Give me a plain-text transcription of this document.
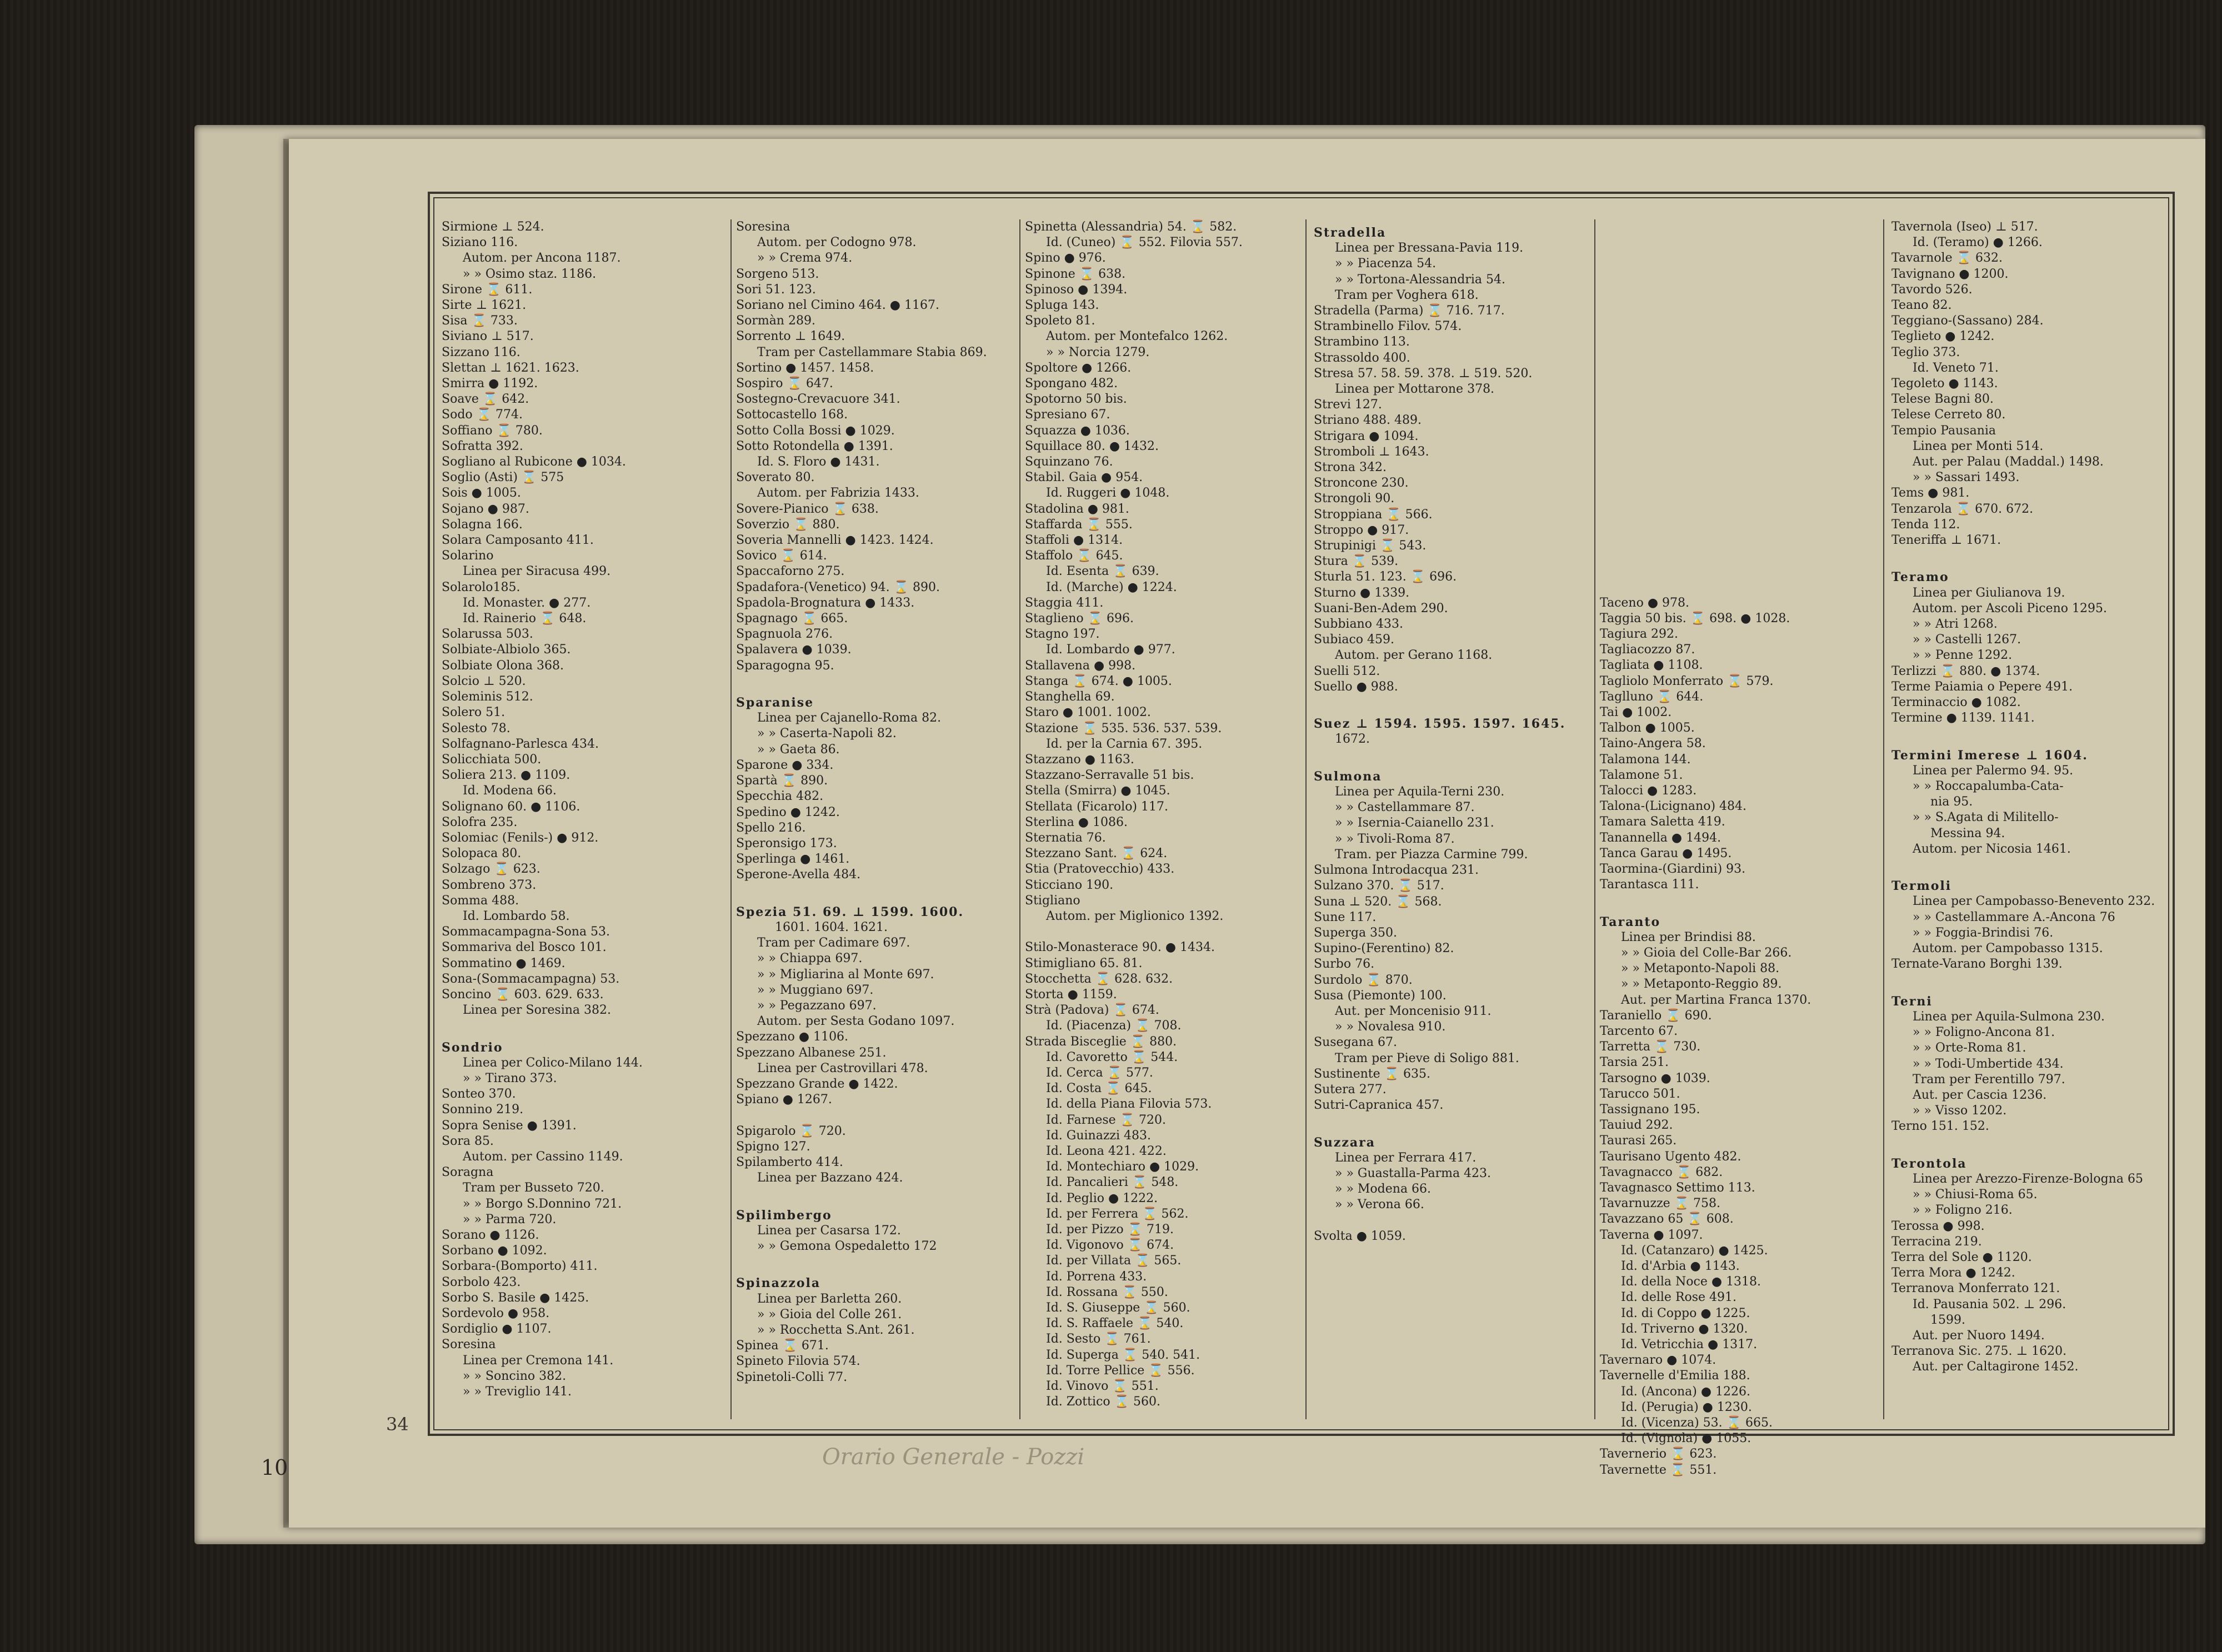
Sirmione ⊥ 524.
Siziano 116.
Autom. per Ancona 1187.
» » Osimo staz. 1186.
Sirone ⌛ 611.
Sirte ⊥ 1621.
Sisa ⌛ 733.
Siviano ⊥ 517.
Sizzano 116.
Slettan ⊥ 1621. 1623.
Smirra ● 1192.
Soave ⌛ 642.
Sodo ⌛ 774.
Soffiano ⌛ 780.
Sofratta 392.
Sogliano al Rubicone ● 1034.
Soglio (Asti) ⌛ 575
Sois ● 1005.
Sojano ● 987.
Solagna 166.
Solara Camposanto 411.
Solarino
Linea per Siracusa 499.
Solarolo185.
Id. Monaster. ● 277.
Id. Rainerio ⌛ 648.
Solarussa 503.
Solbiate-Albiolo 365.
Solbiate Olona 368.
Solcio ⊥ 520.
Soleminis 512.
Solero 51.
Solesto 78.
Solfagnano-Parlesca 434.
Solicchiata 500.
Soliera 213. ● 1109.
Id. Modena 66.
Solignano 60. ● 1106.
Solofra 235.
Solomiac (Fenils-) ● 912.
Solopaca 80.
Solzago ⌛ 623.
Sombreno 373.
Somma 488.
Id. Lombardo 58.
Sommacampagna-Sona 53.
Sommariva del Bosco 101.
Sommatino ● 1469.
Sona-(Sommacampagna) 53.
Soncino ⌛ 603. 629. 633.
Linea per Soresina 382.
Sondrio
Linea per Colico-Milano 144.
» » Tirano 373.
Sonteo 370.
Sonnino 219.
Sopra Senise ● 1391.
Sora 85.
Autom. per Cassino 1149.
Soragna
Tram per Busseto 720.
» » Borgo S.Donnino 721.
» » Parma 720.
Sorano ● 1126.
Sorbano ● 1092.
Sorbara-(Bomporto) 411.
Sorbolo 423.
Sorbo S. Basile ● 1425.
Sordevolo ● 958.
Sordiglio ● 1107.
Soresina
Linea per Cremona 141.
» » Soncino 382.
» » Treviglio 141.
Soresina
Autom. per Codogno 978.
» » Crema 974.
Sorgeno 513.
Sori 51. 123.
Soriano nel Cimino 464. ● 1167.
Sormàn 289.
Sorrento ⊥ 1649.
Tram per Castellammare Stabia 869.
Sortino ● 1457. 1458.
Sospiro ⌛ 647.
Sostegno-Crevacuore 341.
Sottocastello 168.
Sotto Colla Bossi ● 1029.
Sotto Rotondella ● 1391.
Id. S. Floro ● 1431.
Soverato 80.
Autom. per Fabrizia 1433.
Sovere-Pianico ⌛ 638.
Soverzio ⌛ 880.
Soveria Mannelli ● 1423. 1424.
Sovico ⌛ 614.
Spaccaforno 275.
Spadafora-(Venetico) 94. ⌛ 890.
Spadola-Brognatura ● 1433.
Spagnago ⌛ 665.
Spagnuola 276.
Spalavera ● 1039.
Sparagogna 95.
Sparanise
Linea per Cajanello-Roma 82.
» » Caserta-Napoli 82.
» » Gaeta 86.
Sparone ● 334.
Spartà ⌛ 890.
Specchia 482.
Spedino ● 1242.
Spello 216.
Speronsigo 173.
Sperlinga ● 1461.
Sperone-Avella 484.
Spezia 51. 69. ⊥ 1599. 1600.
1601. 1604. 1621.
Tram per Cadimare 697.
» » Chiappa 697.
» » Migliarina al Monte 697.
» » Muggiano 697.
» » Pegazzano 697.
Autom. per Sesta Godano 1097.
Spezzano ● 1106.
Spezzano Albanese 251.
Linea per Castrovillari 478.
Spezzano Grande ● 1422.
Spiano ● 1267.
Spigarolo ⌛ 720.
Spigno 127.
Spilamberto 414.
Linea per Bazzano 424.
Spilimbergo
Linea per Casarsa 172.
» » Gemona Ospedaletto 172
Spinazzola
Linea per Barletta 260.
» » Gioia del Colle 261.
» » Rocchetta S.Ant. 261.
Spinea ⌛ 671.
Spineto Filovia 574.
Spinetoli-Colli 77.
Spinetta (Alessandria) 54. ⌛ 582.
Id. (Cuneo) ⌛ 552. Filovia 557.
Spino ● 976.
Spinone ⌛ 638.
Spinoso ● 1394.
Spluga 143.
Spoleto 81.
Autom. per Montefalco 1262.
» » Norcia 1279.
Spoltore ● 1266.
Spongano 482.
Spotorno 50 bis.
Spresiano 67.
Squazza ● 1036.
Squillace 80. ● 1432.
Squinzano 76.
Stabil. Gaia ● 954.
Id. Ruggeri ● 1048.
Stadolina ● 981.
Staffarda ⌛ 555.
Staffoli ● 1314.
Staffolo ⌛ 645.
Id. Esenta ⌛ 639.
Id. (Marche) ● 1224.
Staggia 411.
Staglieno ⌛ 696.
Stagno 197.
Id. Lombardo ● 977.
Stallavena ● 998.
Stanga ⌛ 674. ● 1005.
Stanghella 69.
Staro ● 1001. 1002.
Stazione ⌛ 535. 536. 537. 539.
Id. per la Carnia 67. 395.
Stazzano ● 1163.
Stazzano-Serravalle 51 bis.
Stella (Smirra) ● 1045.
Stellata (Ficarolo) 117.
Sterlina ● 1086.
Sternatia 76.
Stezzano Sant. ⌛ 624.
Stia (Pratovecchio) 433.
Sticciano 190.
Stigliano
Autom. per Miglionico 1392.
Stilo-Monasterace 90. ● 1434.
Stimigliano 65. 81.
Stocchetta ⌛ 628. 632.
Storta ● 1159.
Strà (Padova) ⌛ 674.
Id. (Piacenza) ⌛ 708.
Strada Bisceglie ⌛ 880.
Id. Cavoretto ⌛ 544.
Id. Cerca ⌛ 577.
Id. Costa ⌛ 645.
Id. della Piana Filovia 573.
Id. Farnese ⌛ 720.
Id. Guinazzi 483.
Id. Leona 421. 422.
Id. Montechiaro ● 1029.
Id. Pancalieri ⌛ 548.
Id. Peglio ● 1222.
Id. per Ferrera ⌛ 562.
Id. per Pizzo ⌛ 719.
Id. Vigonovo ⌛ 674.
Id. per Villata ⌛ 565.
Id. Porrena 433.
Id. Rossana ⌛ 550.
Id. S. Giuseppe ⌛ 560.
Id. S. Raffaele ⌛ 540.
Id. Sesto ⌛ 761.
Id. Superga ⌛ 540. 541.
Id. Torre Pellice ⌛ 556.
Id. Vinovo ⌛ 551.
Id. Zottico ⌛ 560.
Stradella
Linea per Bressana-Pavia 119.
» » Piacenza 54.
» » Tortona-Alessandria 54.
Tram per Voghera 618.
Stradella (Parma) ⌛ 716. 717.
Strambinello Filov. 574.
Strambino 113.
Strassoldo 400.
Stresa 57. 58. 59. 378. ⊥ 519. 520.
Linea per Mottarone 378.
Strevi 127.
Striano 488. 489.
Strigara ● 1094.
Stromboli ⊥ 1643.
Strona 342.
Stroncone 230.
Strongoli 90.
Stroppiana ⌛ 566.
Stroppo ● 917.
Strupinigi ⌛ 543.
Stura ⌛ 539.
Sturla 51. 123. ⌛ 696.
Sturno ● 1339.
Suani-Ben-Adem 290.
Subbiano 433.
Subiaco 459.
Autom. per Gerano 1168.
Suelli 512.
Suello ● 988.
Suez ⊥ 1594. 1595. 1597. 1645.
1672.
Sulmona
Linea per Aquila-Terni 230.
» » Castellammare 87.
» » Isernia-Caianello 231.
» » Tivoli-Roma 87.
Tram. per Piazza Carmine 799.
Sulmona Introdacqua 231.
Sulzano 370. ⌛ 517.
Suna ⊥ 520. ⌛ 568.
Sune 117.
Superga 350.
Supino-(Ferentino) 82.
Surbo 76.
Surdolo ⌛ 870.
Susa (Piemonte) 100.
Aut. per Moncenisio 911.
» » Novalesa 910.
Susegana 67.
Tram per Pieve di Soligo 881.
Sustinente ⌛ 635.
Sutera 277.
Sutri-Capranica 457.
Suzzara
Linea per Ferrara 417.
» » Guastalla-Parma 423.
» » Modena 66.
» » Verona 66.
Svolta ● 1059.
Taceno ● 978.
Taggia 50 bis. ⌛ 698. ● 1028.
Tagiura 292.
Tagliacozzo 87.
Tagliata ● 1108.
Tagliolo Monferrato ⌛ 579.
Taglluno ⌛ 644.
Tai ● 1002.
Talbon ● 1005.
Taino-Angera 58.
Talamona 144.
Talamone 51.
Talocci ● 1283.
Talona-(Licignano) 484.
Tamara Saletta 419.
Tanannella ● 1494.
Tanca Garau ● 1495.
Taormina-(Giardini) 93.
Tarantasca 111.
Taranto
Linea per Brindisi 88.
» » Gioia del Colle-Bar 266.
» » Metaponto-Napoli 88.
» » Metaponto-Reggio 89.
Aut. per Martina Franca 1370.
Taraniello ⌛ 690.
Tarcento 67.
Tarretta ⌛ 730.
Tarsia 251.
Tarsogno ● 1039.
Tarucco 501.
Tassignano 195.
Tauiud 292.
Taurasi 265.
Taurisano Ugento 482.
Tavagnacco ⌛ 682.
Tavagnasco Settimo 113.
Tavarnuzze ⌛ 758.
Tavazzano 65 ⌛ 608.
Taverna ● 1097.
Id. (Catanzaro) ● 1425.
Id. d'Arbia ● 1143.
Id. della Noce ● 1318.
Id. delle Rose 491.
Id. di Coppo ● 1225.
Id. Triverno ● 1320.
Id. Vetricchia ● 1317.
Tavernaro ● 1074.
Tavernelle d'Emilia 188.
Id. (Ancona) ● 1226.
Id. (Perugia) ● 1230.
Id. (Vicenza) 53. ⌛ 665.
Id. (Vignola) ● 1055.
Tavernerio ⌛ 623.
Tavernette ⌛ 551.
Tavernola (Iseo) ⊥ 517.
Id. (Teramo) ● 1266.
Tavarnole ⌛ 632.
Tavignano ● 1200.
Tavordo 526.
Teano 82.
Teggiano-(Sassano) 284.
Teglieto ● 1242.
Teglio 373.
Id. Veneto 71.
Tegoleto ● 1143.
Telese Bagni 80.
Telese Cerreto 80.
Tempio Pausania
Linea per Monti 514.
Aut. per Palau (Maddal.) 1498.
» » Sassari 1493.
Tems ● 981.
Tenzarola ⌛ 670. 672.
Tenda 112.
Teneriffa ⊥ 1671.
Teramo
Linea per Giulianova 19.
Autom. per Ascoli Piceno 1295.
» » Atri 1268.
» » Castelli 1267.
» » Penne 1292.
Terlizzi ⌛ 880. ● 1374.
Terme Paiamia o Pepere 491.
Terminaccio ● 1082.
Termine ● 1139. 1141.
Termini Imerese ⊥ 1604.
Linea per Palermo 94. 95.
» » Roccapalumba-Cata-
nia 95.
» » S.Agata di Militello-
Messina 94.
Autom. per Nicosia 1461.
Termoli
Linea per Campobasso-Benevento 232.
» » Castellammare A.-Ancona 76
» » Foggia-Brindisi 76.
Autom. per Campobasso 1315.
Ternate-Varano Borghi 139.
Terni
Linea per Aquila-Sulmona 230.
» » Foligno-Ancona 81.
» » Orte-Roma 81.
» » Todi-Umbertide 434.
Tram per Ferentillo 797.
Aut. per Cascia 1236.
» » Visso 1202.
Terno 151. 152.
Terontola
Linea per Arezzo-Firenze-Bologna 65
» » Chiusi-Roma 65.
» » Foligno 216.
Terossa ● 998.
Terracina 219.
Terra del Sole ● 1120.
Terra Mora ● 1242.
Terranova Monferrato 121.
Id. Pausania 502. ⊥ 296.
1599.
Aut. per Nuoro 1494.
Terranova Sic. 275. ⊥ 1620.
Aut. per Caltagirone 1452.
10
34
Orario Generale - Pozzi
